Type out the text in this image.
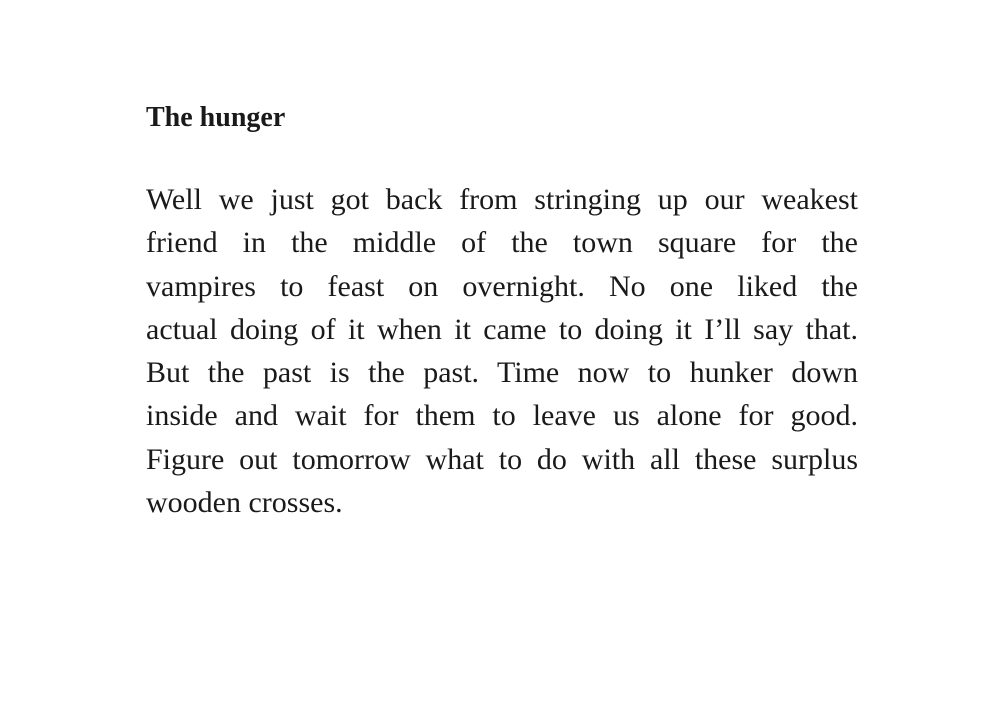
The hunger
Well we just got back from stringing up our weakest
friend in the middle of the town square for the
vampires to feast on overnight. No one liked the
actual doing of it when it came to doing it I’ll say that.
But the past is the past. Time now to hunker down
inside and wait for them to leave us alone for good.
Figure out tomorrow what to do with all these surplus
wooden crosses.
